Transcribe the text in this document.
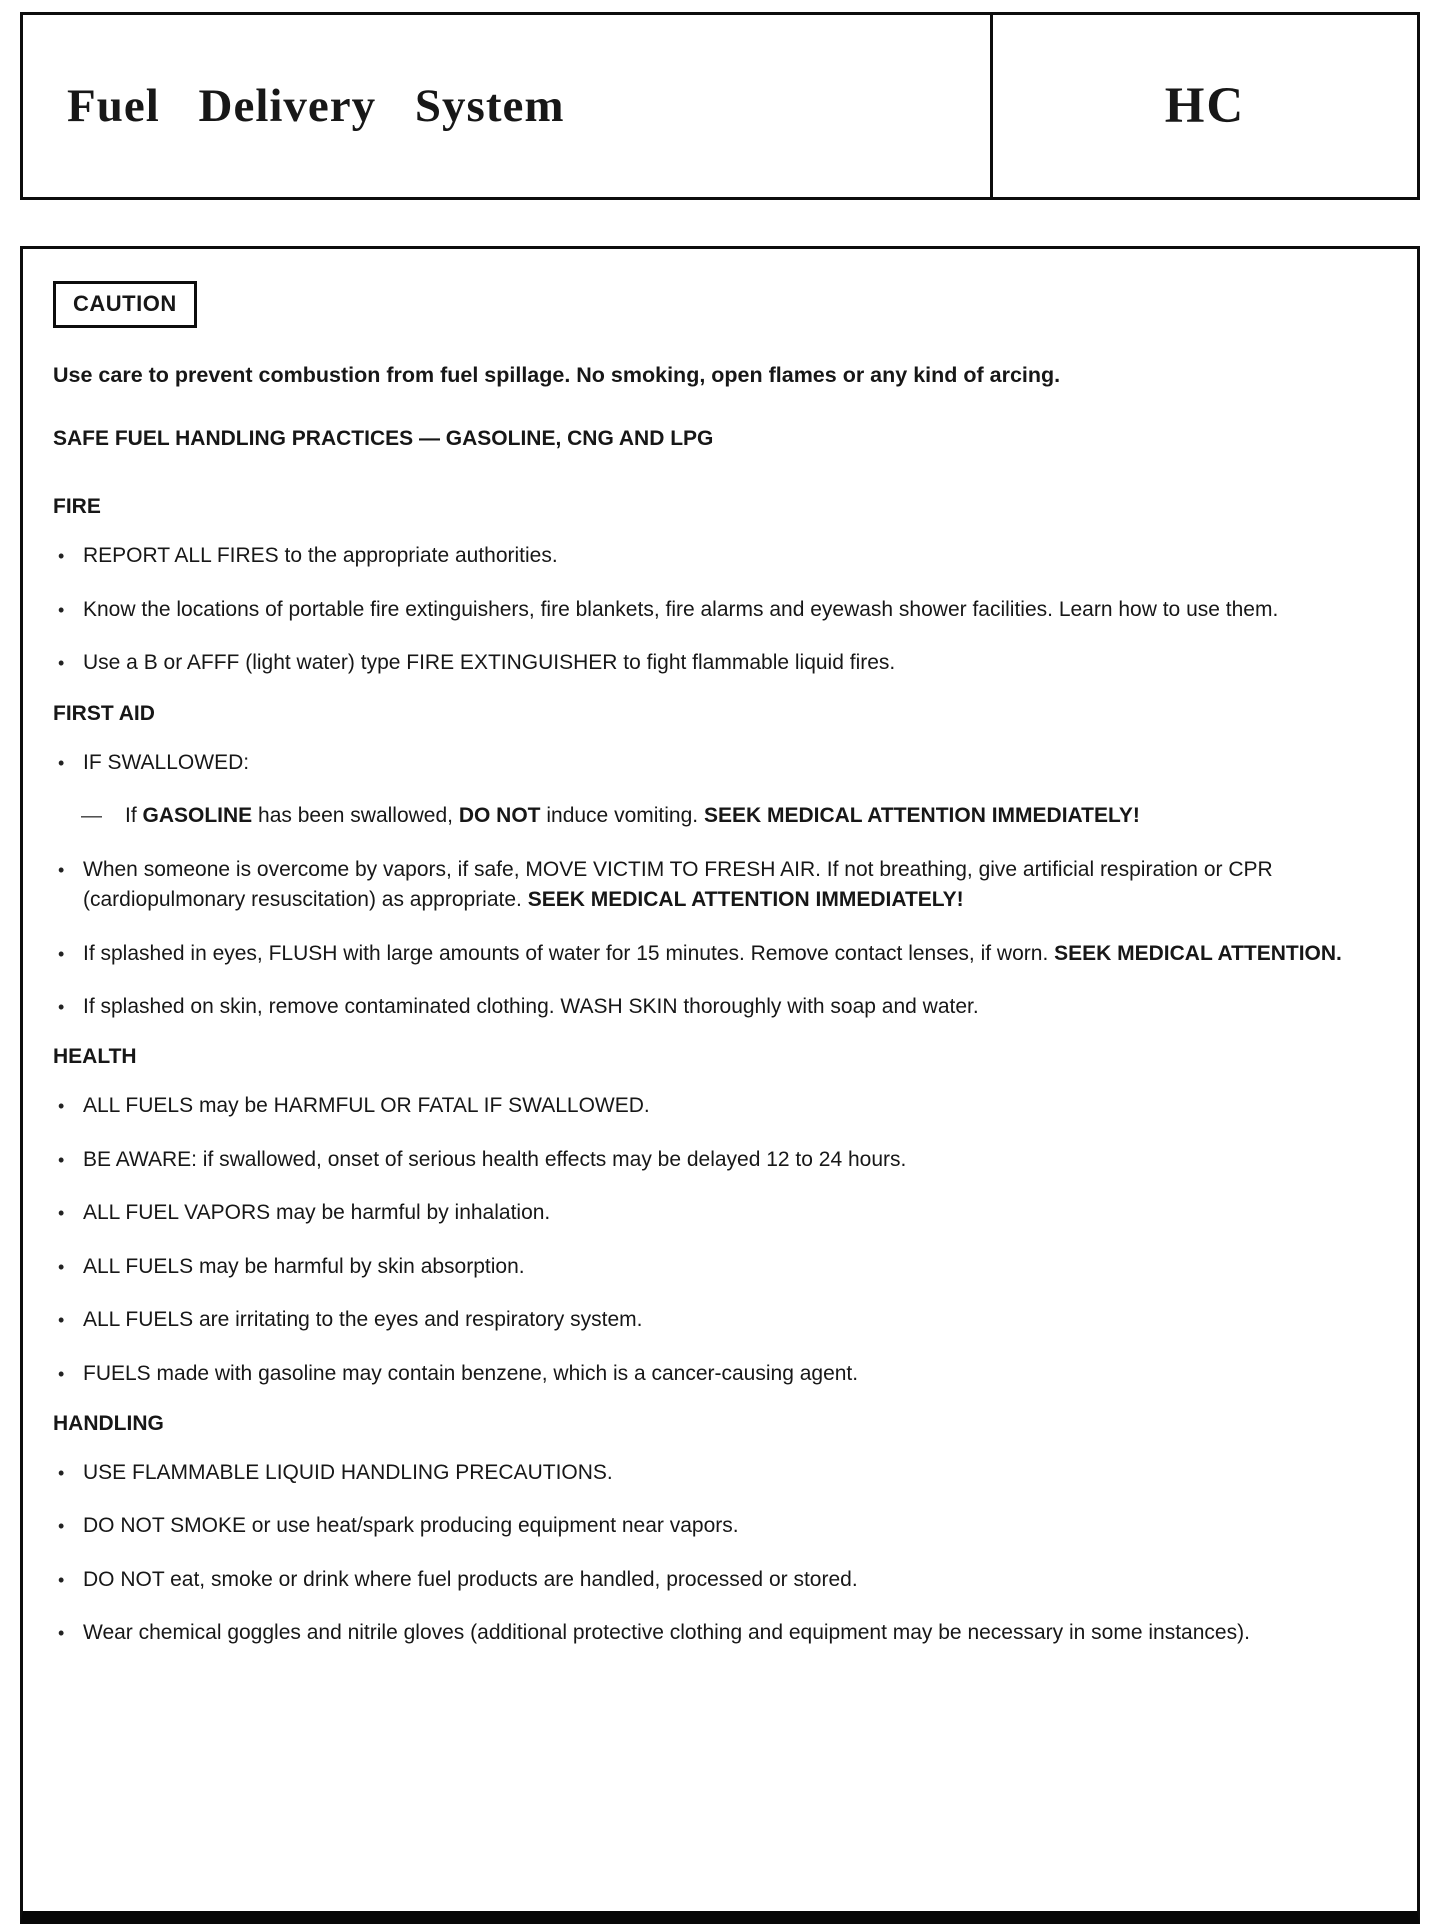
Fuel Delivery System	HC
CAUTION

Use care to prevent combustion from fuel spillage. No smoking, open flames or any kind of arcing.

SAFE FUEL HANDLING PRACTICES — GASOLINE, CNG AND LPG

FIRE
• REPORT ALL FIRES to the appropriate authorities.
• Know the locations of portable fire extinguishers, fire blankets, fire alarms and eyewash shower facilities. Learn how to use them.
• Use a B or AFFF (light water) type FIRE EXTINGUISHER to fight flammable liquid fires.
FIRST AID
• IF SWALLOWED:
—	If GASOLINE has been swallowed, DO NOT induce vomiting. SEEK MEDICAL ATTENTION IMMEDIATELY!
• When someone is overcome by vapors, if safe, MOVE VICTIM TO FRESH AIR. If not breathing, give artificial respiration or CPR (cardiopulmonary resuscitation) as appropriate. SEEK MEDICAL ATTENTION IMMEDIATELY!
• If splashed in eyes, FLUSH with large amounts of water for 15 minutes. Remove contact lenses, if worn. SEEK MEDICAL ATTENTION.
• If splashed on skin, remove contaminated clothing. WASH SKIN thoroughly with soap and water.
HEALTH
• ALL FUELS may be HARMFUL OR FATAL IF SWALLOWED.
• BE AWARE: if swallowed, onset of serious health effects may be delayed 12 to 24 hours.
• ALL FUEL VAPORS may be harmful by inhalation.
• ALL FUELS may be harmful by skin absorption.
• ALL FUELS are irritating to the eyes and respiratory system.
• FUELS made with gasoline may contain benzene, which is a cancer-causing agent.
HANDLING
• USE FLAMMABLE LIQUID HANDLING PRECAUTIONS.
• DO NOT SMOKE or use heat/spark producing equipment near vapors.
• DO NOT eat, smoke or drink where fuel products are handled, processed or stored.
• Wear chemical goggles and nitrile gloves (additional protective clothing and equipment may be necessary in some instances).
